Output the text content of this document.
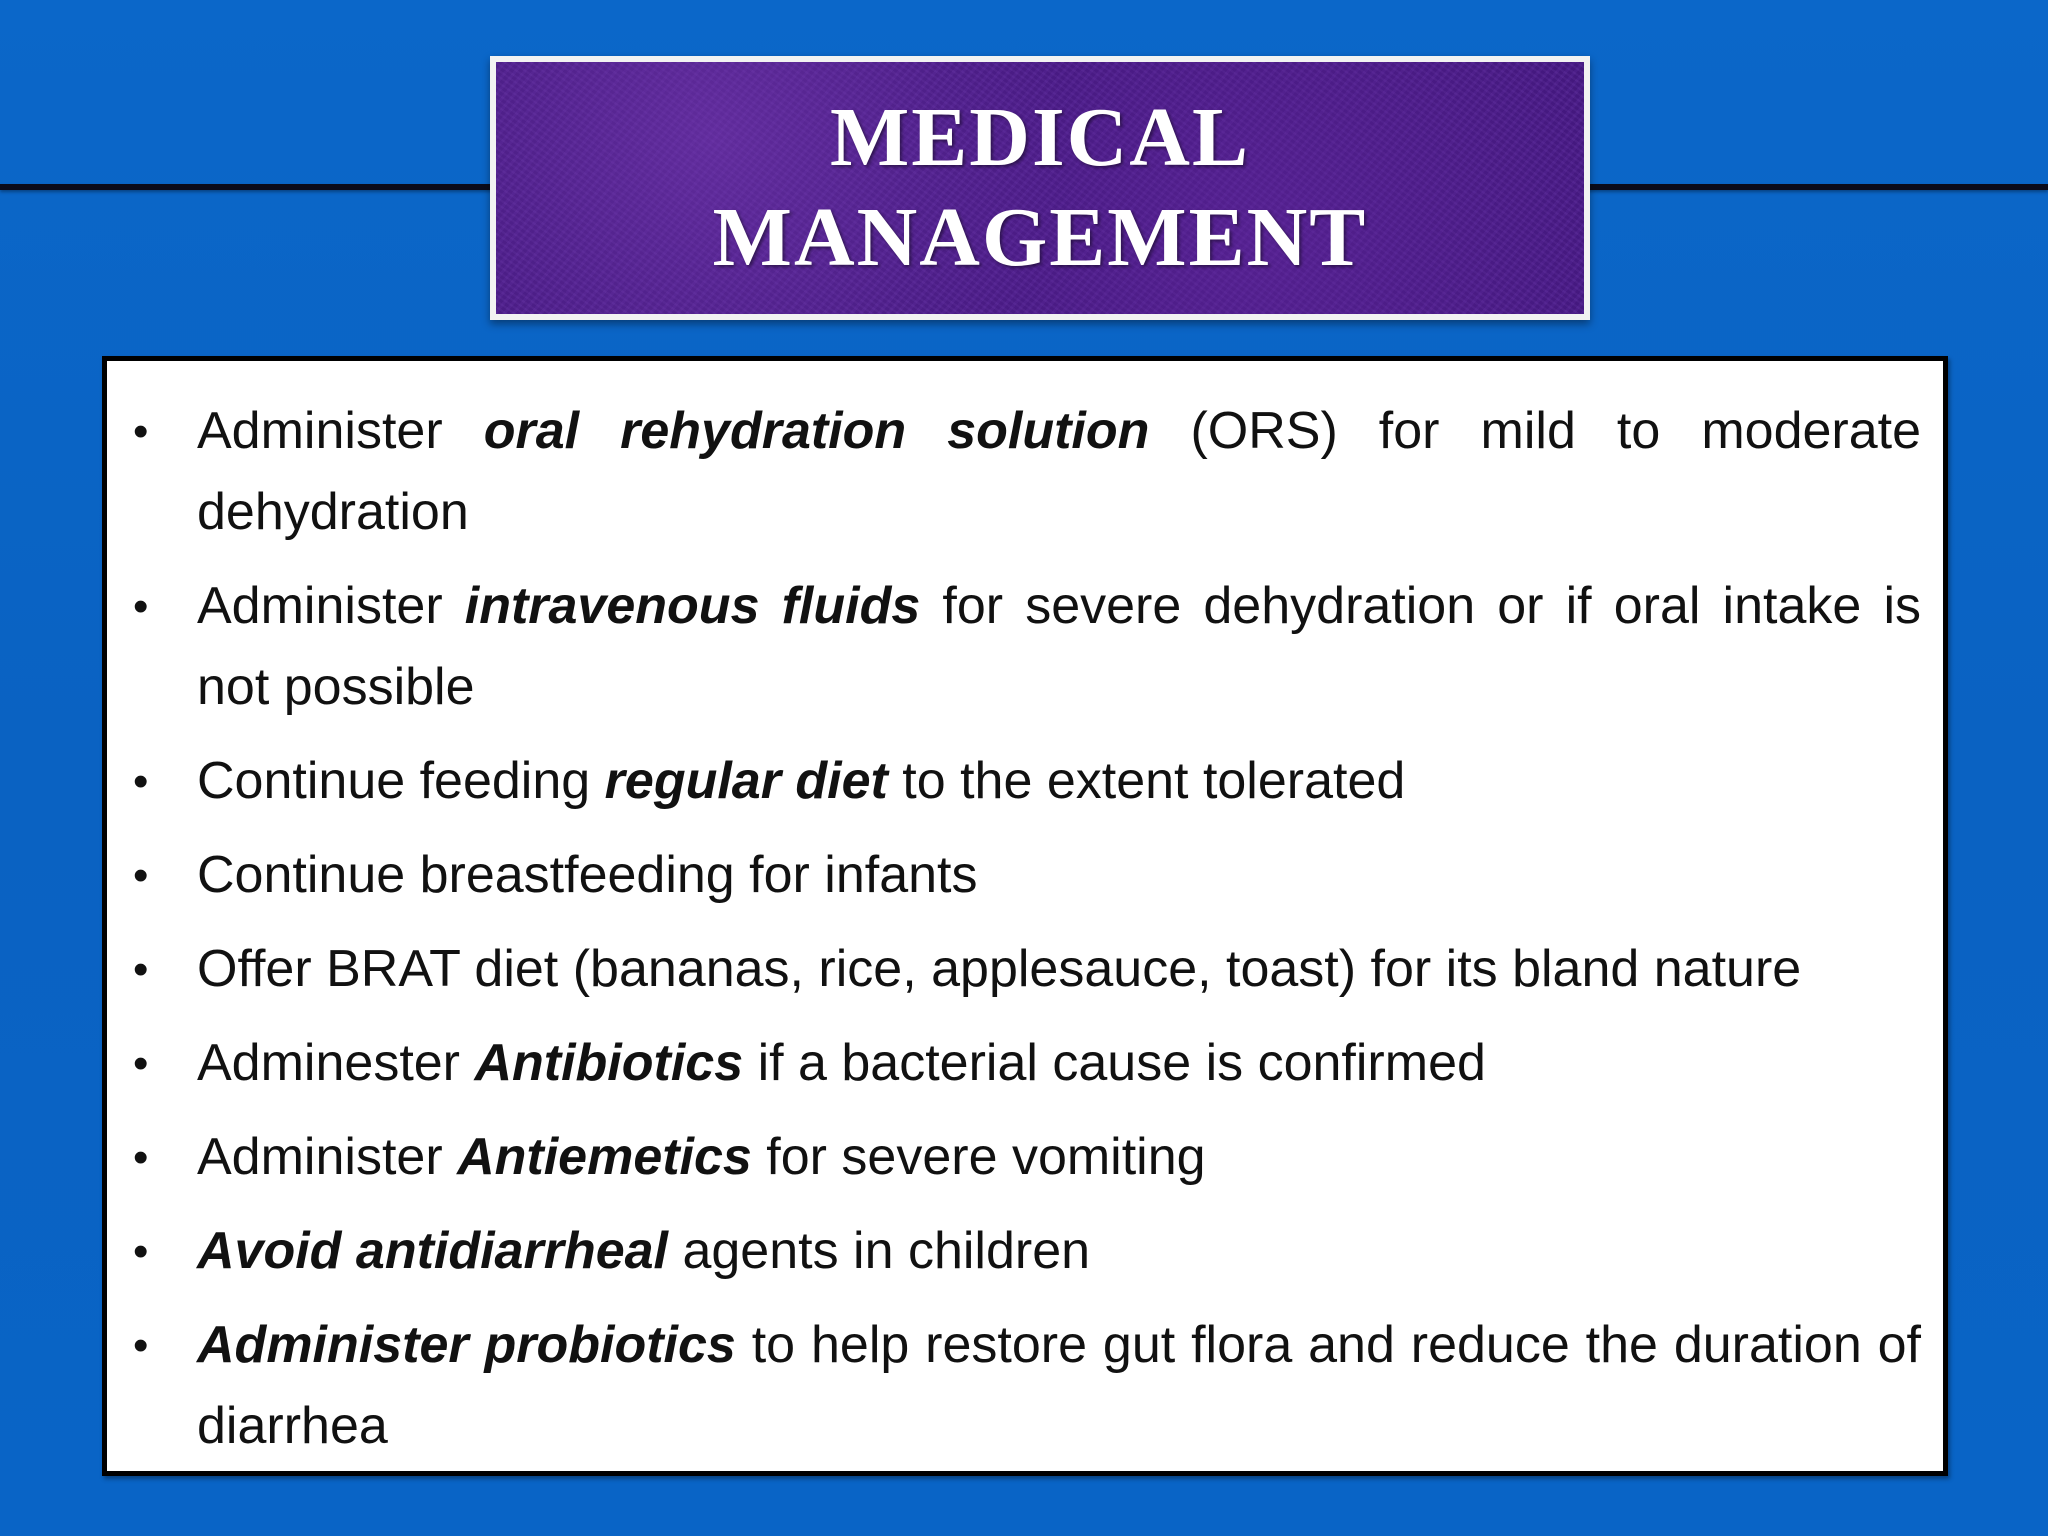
MEDICAL
MANAGEMENT
• Administer oral rehydration solution (ORS) for mild to moderate dehydration
• Administer intravenous fluids for severe dehydration or if oral intake is not possible
• Continue feeding regular diet to the extent tolerated
• Continue breastfeeding for infants
• Offer BRAT diet (bananas, rice, applesauce, toast) for its bland nature
• Adminester Antibiotics if a bacterial cause is confirmed
• Administer Antiemetics for severe vomiting
• Avoid antidiarrheal agents in children
• Administer probiotics to help restore gut flora and reduce the duration of diarrhea
